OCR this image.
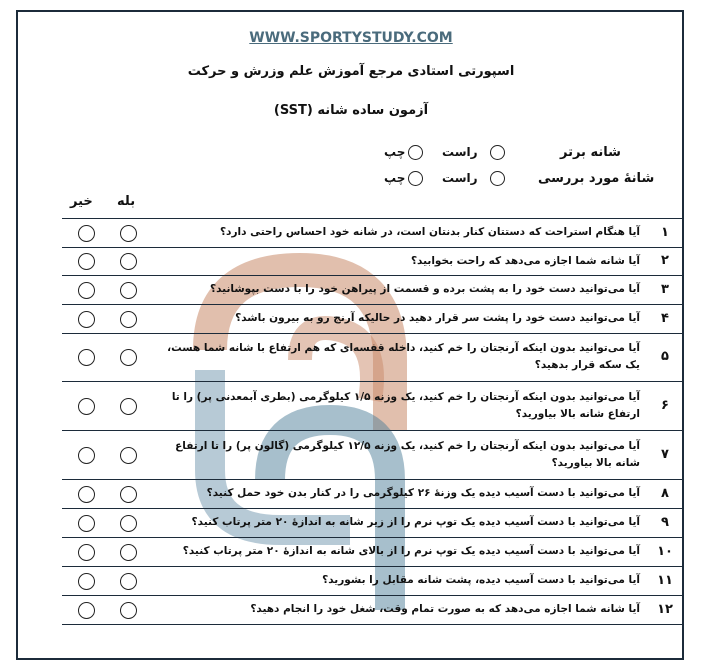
WWW.SPORTYSTUDY.COM
اسپورتی استادی مرجع آموزش علم وزرش و حرکت
آزمون ساده شانه (SST)
شانه برتر
راست
چپ
شانهٔ مورد بررسی
راست
چپ
بله
خیر
۱
آیا هنگام استراحت که دستتان کنار بدنتان است، در شانه خود احساس راحتی دارد؟
۲
آیا شانه شما اجازه می‌دهد که راحت بخوابید؟
۳
آیا می‌توانید دست خود را به پشت برده و قسمت از پیراهن خود را با دست بپوشانید؟
۴
آیا می‌توانید دست خود را پشت سر قرار دهید در حالیکه آرنج رو به بیرون باشد؟
۵
آیا می‌توانید بدون اینکه آرنجتان را خم کنید، داخله قفسه‌ای که هم ارتفاع با شانه شما هست، یک سکه قرار بدهید؟
۶
آیا می‌توانید بدون اینکه آرنجتان را خم کنید، یک وزنه ۱/۵ کیلوگرمی (بطری آبمعدنی پر) را تا ارتفاع شانه بالا بیاورید؟
۷
آیا می‌توانید بدون اینکه آرنجتان را خم کنید، یک وزنه ۱۲/۵ کیلوگرمی (گالون پر) را تا ارتفاع شانه بالا بیاورید؟
۸
آیا می‌توانید با دست آسیب دیده یک وزنهٔ ۲۶ کیلوگرمی را در کنار بدن خود حمل کنید؟
۹
آیا می‌توانید با دست آسیب دیده یک توپ نرم را از زیر شانه به اندازهٔ ۲۰ متر پرتاب کنید؟
۱۰
آیا می‌توانید با دست آسیب دیده یک توپ نرم را از بالای شانه به اندازهٔ ۲۰ متر پرتاب کنید؟
۱۱
آیا می‌توانید با دست آسیب دیده، پشت شانه مقابل را بشورید؟
۱۲
آیا شانه شما اجازه می‌دهد که به صورت تمام وقت، شغل خود را انجام دهید؟
